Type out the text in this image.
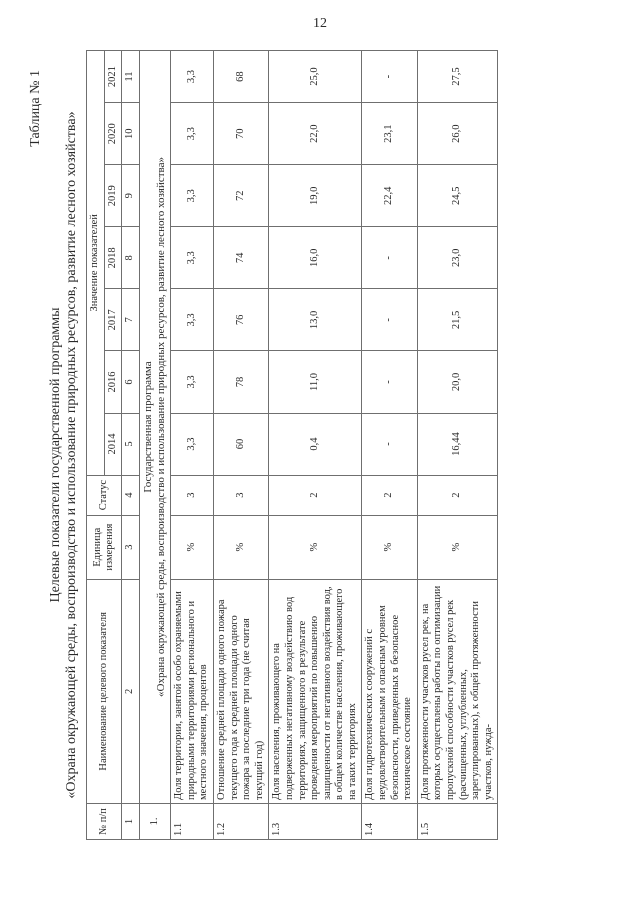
12
Таблица № 1
Целевые показатели государственной программы «Охрана окружающей среды, воспроизводство и использование природных ресурсов, развитие лесного хозяйства»
№ п/п	Наименование целевого показателя	Единица измерения	Статус	Значение показателей						
				2014	2016	2017	2018	2019	2020	2021
1	2	3	4	5	6	7	8	9	10	11
1.	Государственная программа «Охрана окружающей среды, воспроизводство и использование природных ресурсов, развитие лесного хозяйства»									

1.1	Доля территории, занятой особо охраняемыми природными территориями регионального и местного значения, процентов	%	3	3,3	3,3	3,3	3,3	3,3	3,3	3,3
1.2	Отношение средней площади одного пожара текущего года к средней площади одного пожара за последние три года (не считая текущий год)	%	3	60	78	76	74	72	70	68
1.3	Доля населения, проживающего на подверженных негативному воздействию вод территориях, защищенного в результате проведения мероприятий по повышению защищенности от негативного воздействия вод, в общем количестве населения, проживающего на таких территориях	%	2	0,4	11,0	13,0	16,0	19,0	22,0	25,0
1.4	Доля гидротехнических сооружений с неудовлетворительным и опасным уровнем безопасности, приведенных в безопасное техническое состояние	%	2	-	-	-	-	22,4	23,1	-
1.5	Доля протяженности участков русел рек, на которых осуществлены работы по оптимизации пропускной способности участков русел рек (расчищенных, углубленных, зарегулированных), к общей протяженности участков, нужда-	%	2	16,44	20,0	21,5	23,0	24,5	26,0	27,5
